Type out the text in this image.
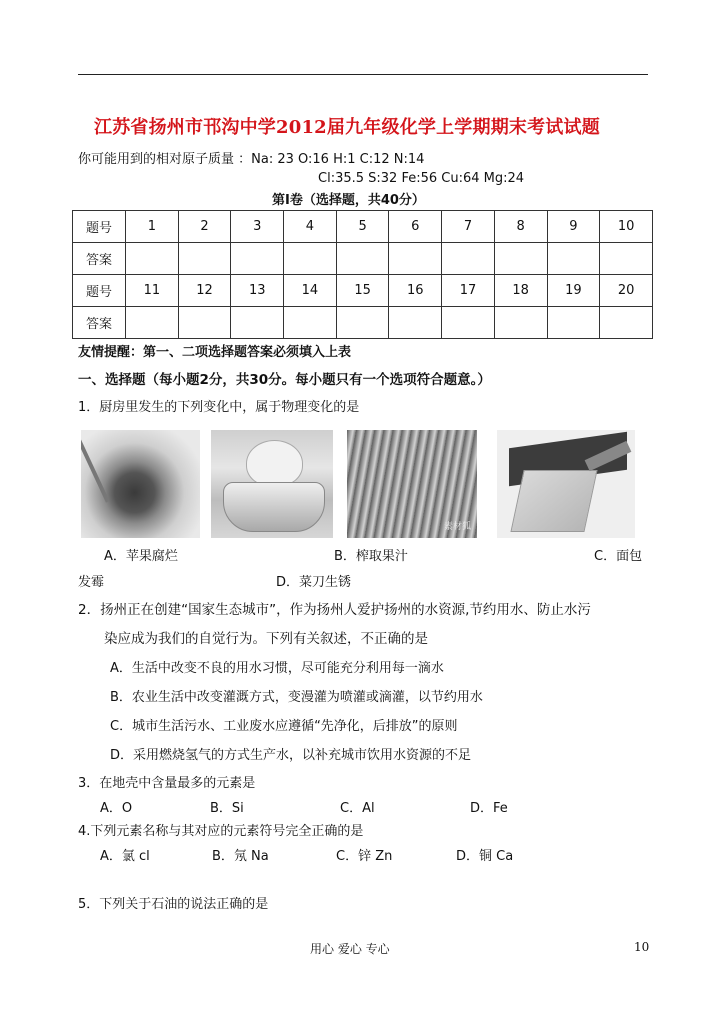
江苏省扬州市邗沟中学2012届九年级化学上学期期末考试试题
你可能用到的相对原子质量 ：Na: 23 O:16 H:1 C:12 N:14
Cl:35.5 S:32 Fe:56 Cu:64 Mg:24
第Ⅰ卷（选择题，共40分）
题号	1	2	3	4	5	6	7	8	9	10
答案										
题号	11	12	13	14	15	16	17	18	19	20
答案										
友情提醒：第一、二项选择题答案必须填入上表
一、选择题（每小题2分，共30分。每小题只有一个选项符合题意。）
1．厨房里发生的下列变化中，属于物理变化的是
素材狐
A．苹果腐烂	B．榨取果汁	C．面包
发霉	D．菜刀生锈
2．扬州正在创建“国家生态城市”，作为扬州人爱护扬州的水资源,节约用水、防止水污
染应成为我们的自觉行为。下列有关叙述，不正确的是
A．生活中改变不良的用水习惯，尽可能充分利用每一滴水
B．农业生活中改变灌溉方式，变漫灌为喷灌或滴灌，以节约用水
C．城市生活污水、工业废水应遵循“先净化，后排放”的原则
D．采用燃烧氢气的方式生产水，以补充城市饮用水资源的不足
3．在地壳中含量最多的元素是
A．O	B．Si	C．Al	D．Fe
4.下列元素名称与其对应的元素符号完全正确的是
A．氯 cl	B．氖 Na	C．锌 Zn	D．铜 Ca
5．下列关于石油的说法正确的是
用心 爱心 专心	10
